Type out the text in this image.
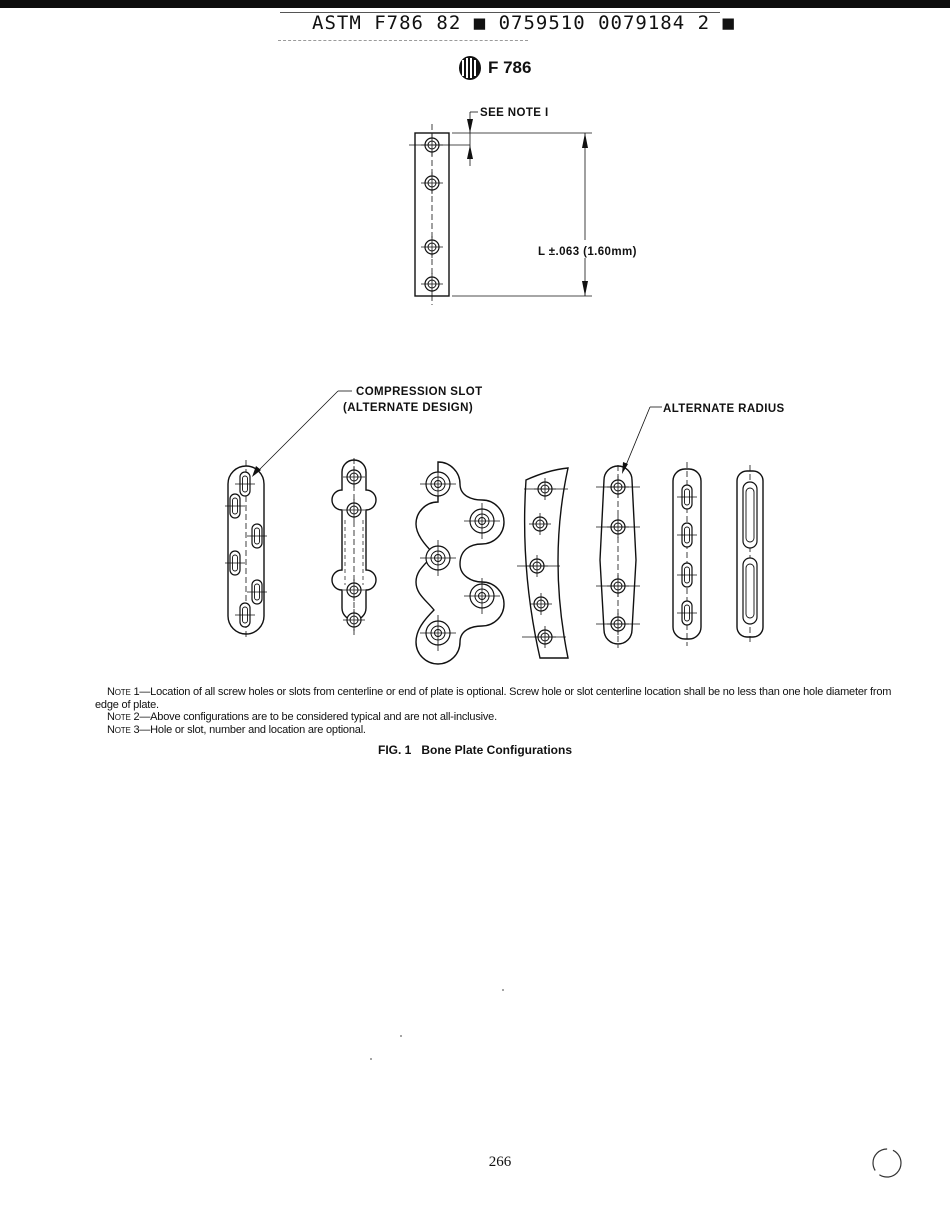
ASTM F786 82 ■ 0759510 0079184 2 ■
F 786
SEE NOTE I
L ±.063 (1.60mm)
COMPRESSION SLOT
(ALTERNATE DESIGN)	ALTERNATE RADIUS

Note 1—Location of all screw holes or slots from centerline or end of plate is optional. Screw hole or slot centerline location shall be no less than one hole diameter from edge of plate.

Note 2—Above configurations are to be considered typical and are not all-inclusive.

Note 3—Hole or slot, number and location are optional.

FIG. 1 Bone Plate Configurations
266
